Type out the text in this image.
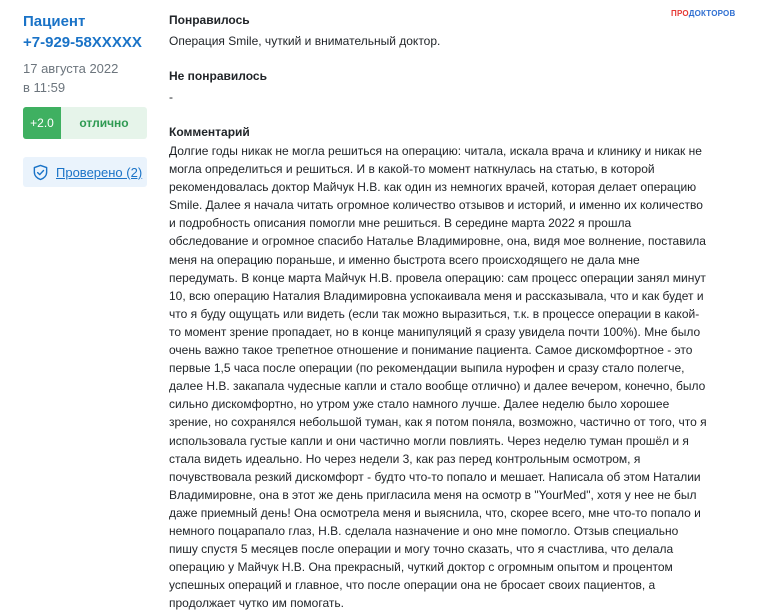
Пациент
+7-929-58XXXXX
17 августа 2022
в 11:59
+2.0	отлично
Проверено (2)
ПРОДОКТОРОВ
Понравилось
Операция Smile, чуткий и внимательный доктор.
Не понравилось
-
Комментарий
Долгие годы никак не могла решиться на операцию: читала, искала врача и клинику и никак не
могла определиться и решиться. И в какой-то момент наткнулась на статью, в которой
рекомендовалась доктор Майчук Н.В. как один из немногих врачей, которая делает операцию
Smile. Далее я начала читать огромное количество отзывов и историй, и именно их количество
и подробность описания помогли мне решиться. В середине марта 2022 я прошла
обследование и огромное спасибо Наталье Владимировне, она, видя мое волнение, поставила
меня на операцию пораньше, и именно быстрота всего происходящего не дала мне
передумать. В конце марта Майчук Н.В. провела операцию: сам процесс операции занял минут
10, всю операцию Наталия Владимировна успокаивала меня и рассказывала, что и как будет и
что я буду ощущать или видеть (если так можно выразиться, т.к. в процессе операции в какой-
то момент зрение пропадает, но в конце манипуляций я сразу увидела почти 100%). Мне было
очень важно такое трепетное отношение и понимание пациента. Самое дискомфортное - это
первые 1,5 часа после операции (по рекомендации выпила нурофен и сразу стало полегче,
далее Н.В. закапала чудесные капли и стало вообще отлично) и далее вечером, конечно, было
сильно дискомфортно, но утром уже стало намного лучше. Далее неделю было хорошее
зрение, но сохранялся небольшой туман, как я потом поняла, возможно, частично от того, что я
использовала густые капли и они частично могли повлиять. Через неделю туман прошёл и я
стала видеть идеально. Но через недели 3, как раз перед контрольным осмотром, я
почувствовала резкий дискомфорт - будто что-то попало и мешает. Написала об этом Наталии
Владимировне, она в этот же день пригласила меня на осмотр в "YourMed", хотя у нее не был
даже приемный день! Она осмотрела меня и выяснила, что, скорее всего, мне что-то попало и
немного поцарапало глаз, Н.В. сделала назначение и оно мне помогло. Отзыв специально
пишу спустя 5 месяцев после операции и могу точно сказать, что я счастлива, что делала
операцию у Майчук Н.В. Она прекрасный, чуткий доктор с огромным опытом и процентом
успешных операций и главное, что после операции она не бросает своих пациентов, а
продолжает чутко им помогать.
